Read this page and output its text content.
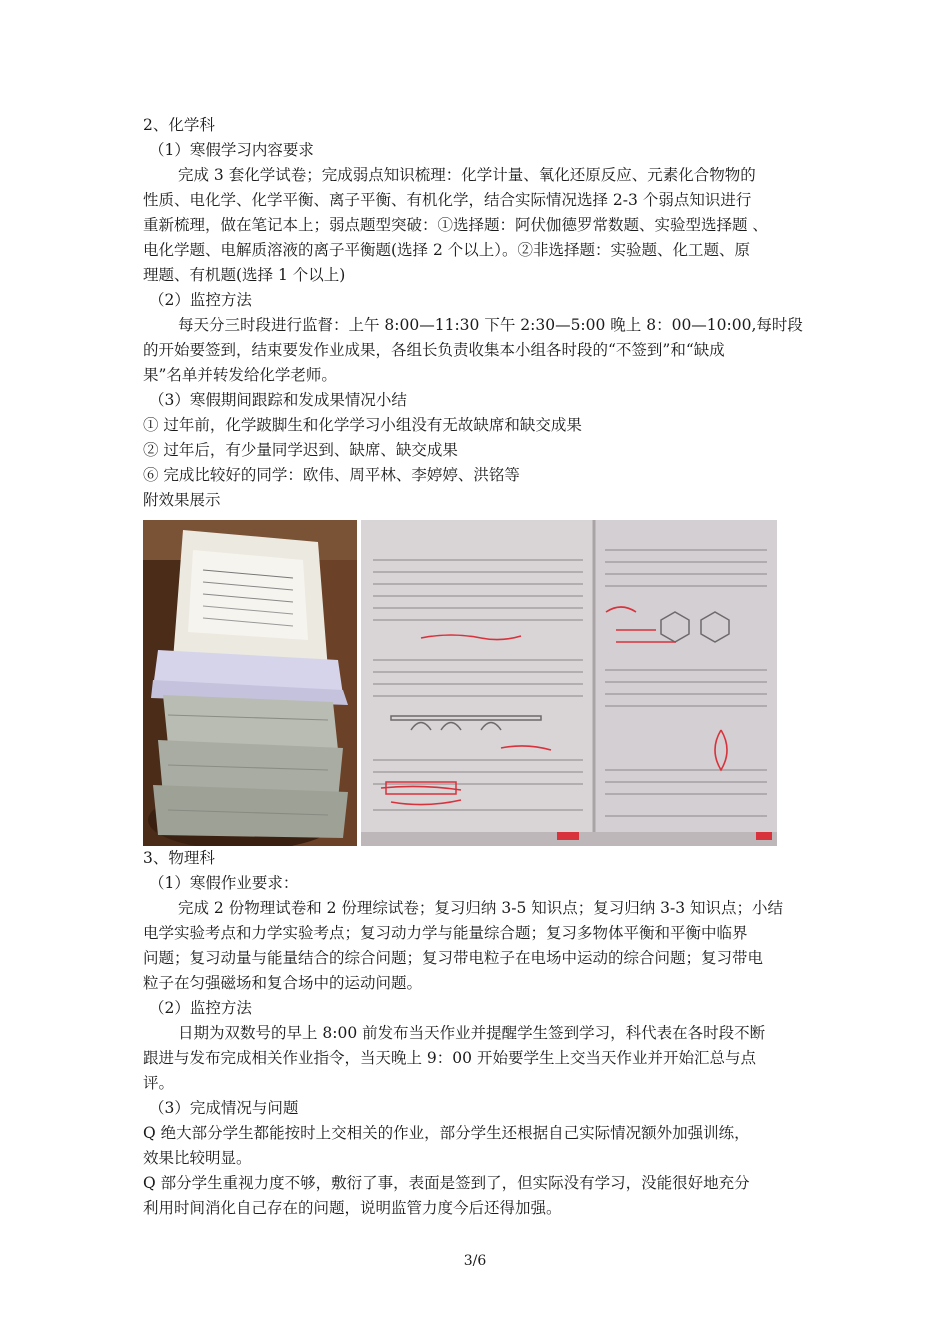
2、化学科
（1）寒假学习内容要求
完成 3 套化学试卷；完成弱点知识梳理：化学计量、氧化还原反应、元素化合物物的
性质、电化学、化学平衡、离子平衡、有机化学，结合实际情况选择 2-3 个弱点知识进行
重新梳理，做在笔记本上；弱点题型突破：①选择题：阿伏伽德罗常数题、实验型选择题 、
电化学题、电解质溶液的离子平衡题(选择 2 个以上）。②非选择题：实验题、化工题、原
理题、有机题(选择 1 个以上)
（2）监控方法
每天分三时段进行监督：上午 8:00—11:30 下午 2:30—5:00 晚上 8：00—10:00,每时段
的开始要签到，结束要发作业成果，各组长负责收集本小组各时段的“不签到”和“缺成
果”名单并转发给化学老师。
（3）寒假期间跟踪和发成果情况小结
① 过年前，化学跛脚生和化学学习小组没有无故缺席和缺交成果
② 过年后，有少量同学迟到、缺席、缺交成果
⑥ 完成比较好的同学：欧伟、周平林、李婷婷、洪铭等
附效果展示
3、物理科
（1）寒假作业要求：
完成 2 份物理试卷和 2 份理综试卷；复习归纳 3-5 知识点；复习归纳 3-3 知识点；小结
电学实验考点和力学实验考点；复习动力学与能量综合题；复习多物体平衡和平衡中临界
问题；复习动量与能量结合的综合问题；复习带电粒子在电场中运动的综合问题；复习带电
粒子在匀强磁场和复合场中的运动问题。
（2）监控方法
日期为双数号的早上 8:00 前发布当天作业并提醒学生签到学习，科代表在各时段不断
跟进与发布完成相关作业指令，当天晚上 9：00 开始要学生上交当天作业并开始汇总与点
评。
（3）完成情况与问题
Q 绝大部分学生都能按时上交相关的作业，部分学生还根据自己实际情况额外加强训练，
效果比较明显。
Q 部分学生重视力度不够，敷衍了事，表面是签到了，但实际没有学习，没能很好地充分
利用时间消化自己存在的问题，说明监管力度今后还得加强。
3/6
